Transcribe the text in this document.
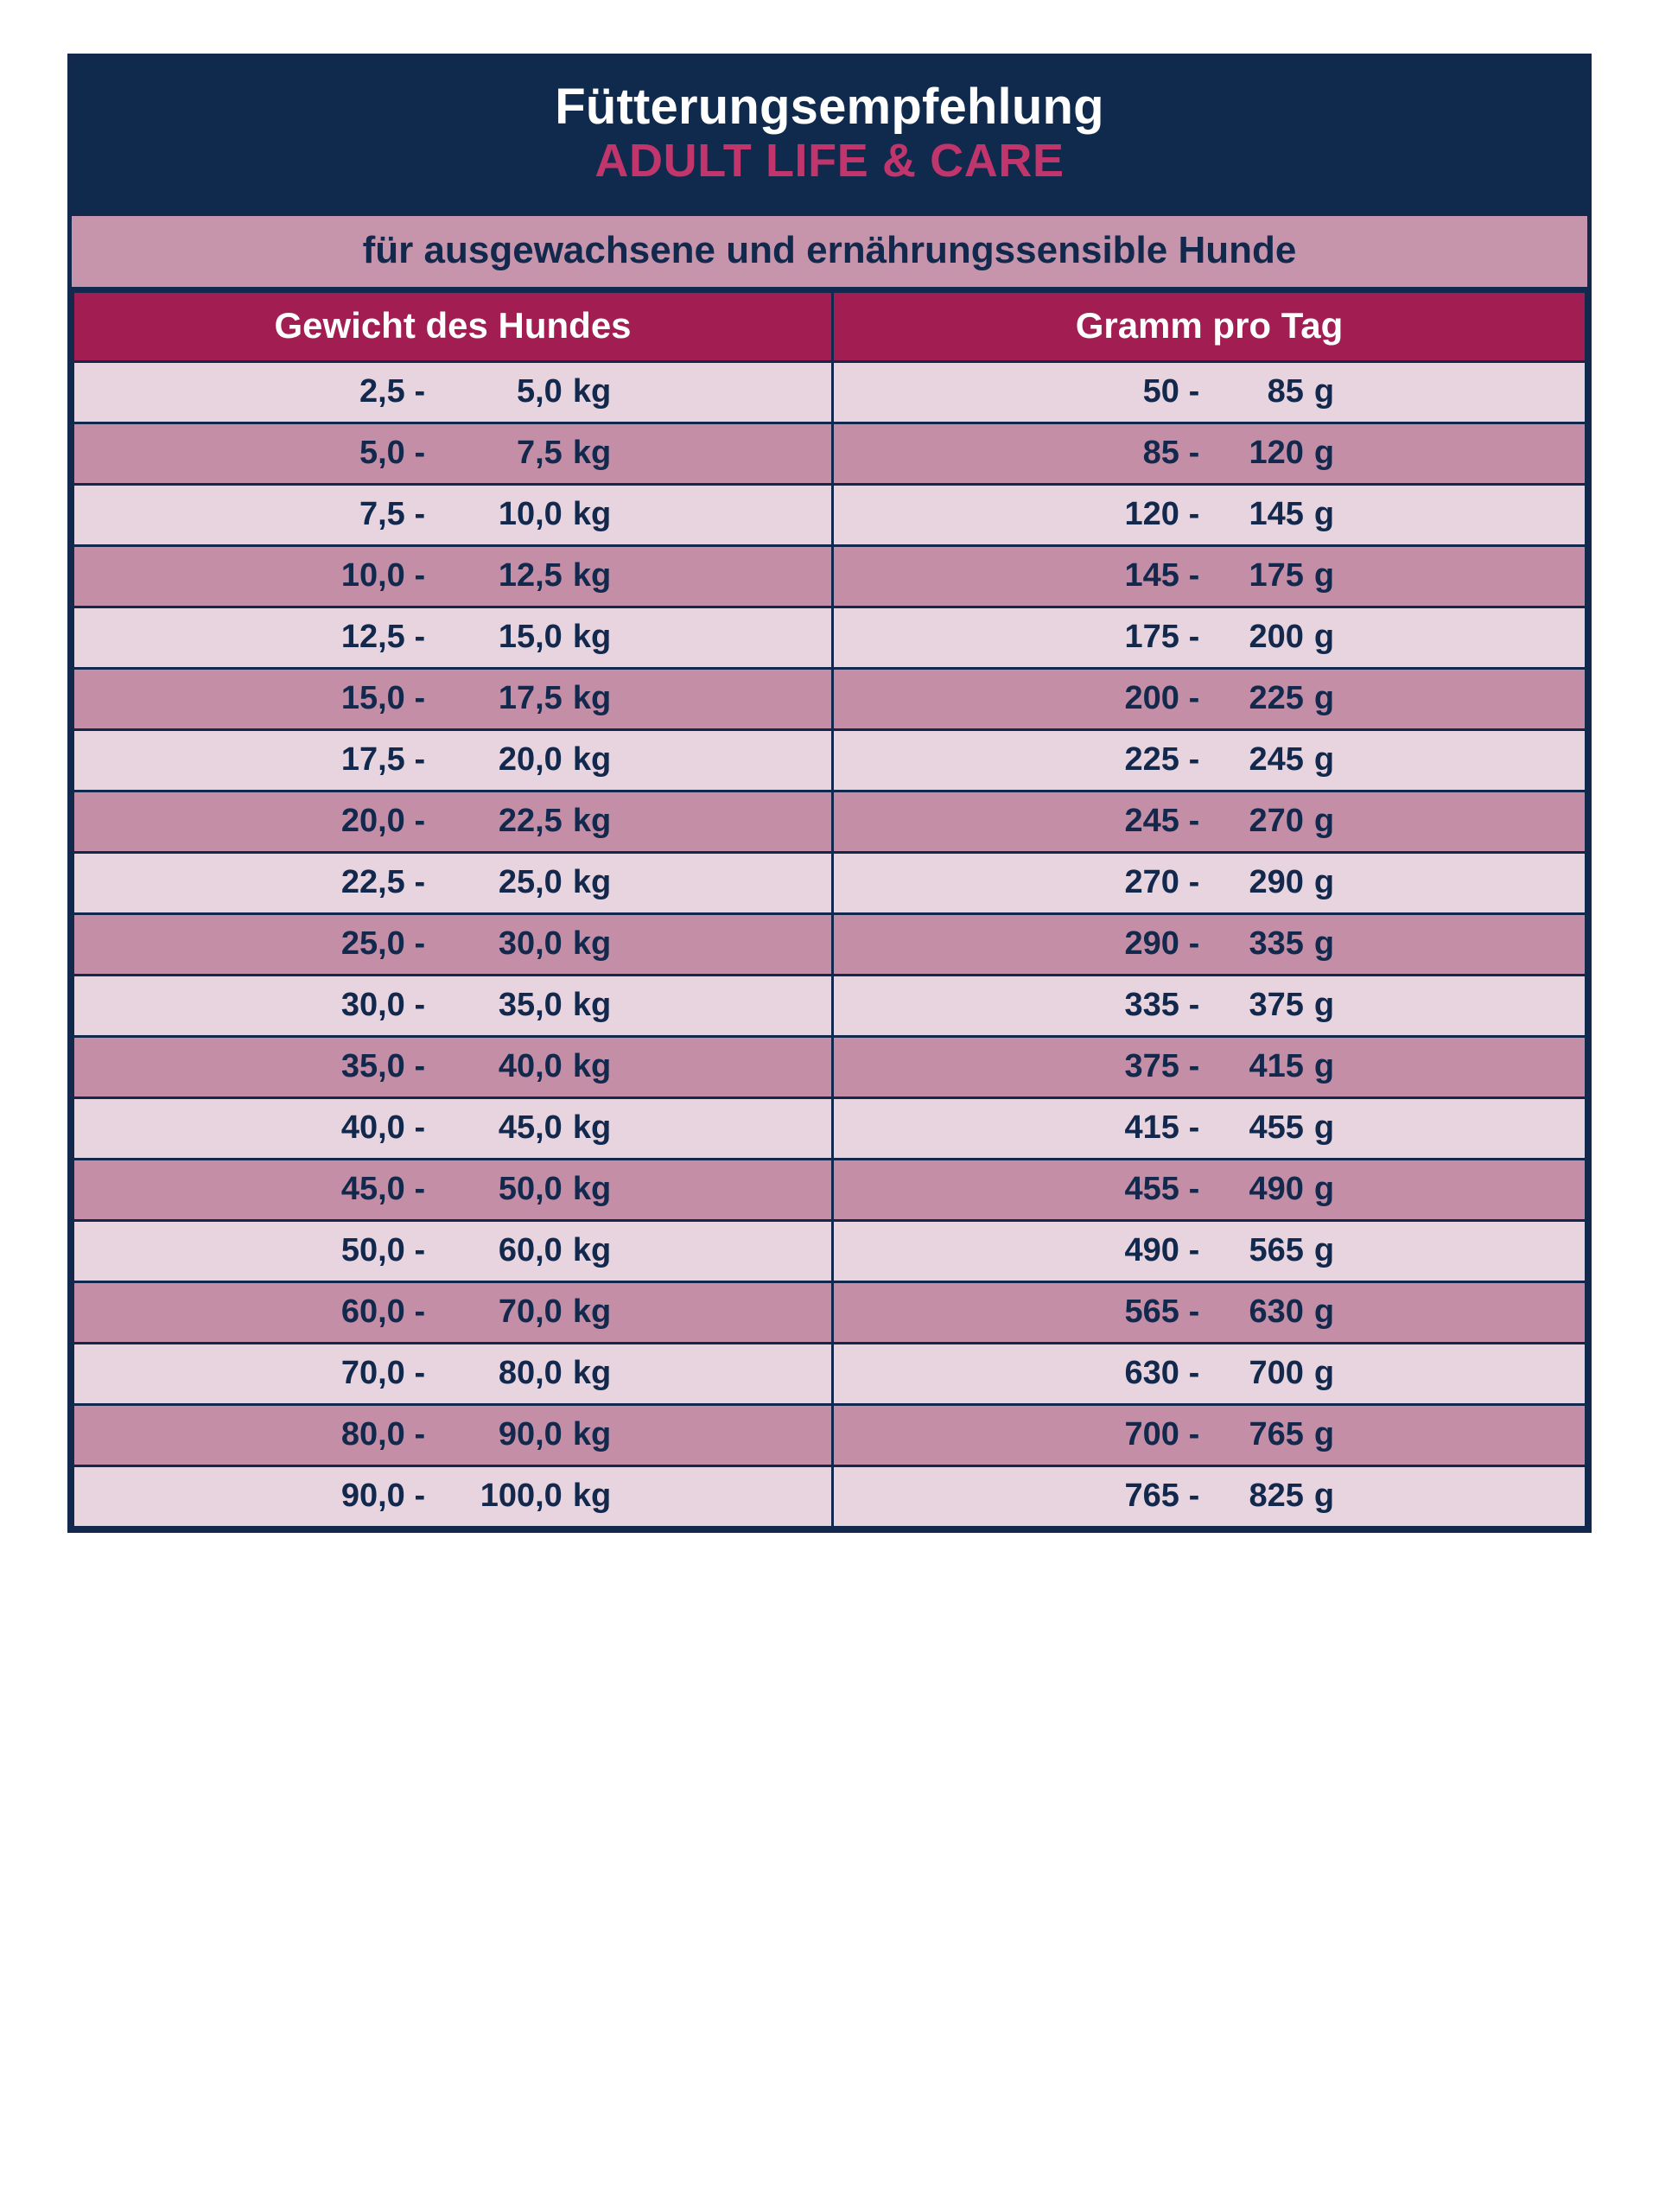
Fütterungsempfehlung
ADULT LIFE & CARE
für ausgewachsene und ernährungssensible Hunde
Gewicht des Hundes	Gramm pro Tag
2,5 - 5,0 kg	50 - 85 g
5,0 - 7,5 kg	85 - 120 g
7,5 - 10,0 kg	120 - 145 g
10,0 - 12,5 kg	145 - 175 g
12,5 - 15,0 kg	175 - 200 g
15,0 - 17,5 kg	200 - 225 g
17,5 - 20,0 kg	225 - 245 g
20,0 - 22,5 kg	245 - 270 g
22,5 - 25,0 kg	270 - 290 g
25,0 - 30,0 kg	290 - 335 g
30,0 - 35,0 kg	335 - 375 g
35,0 - 40,0 kg	375 - 415 g
40,0 - 45,0 kg	415 - 455 g
45,0 - 50,0 kg	455 - 490 g
50,0 - 60,0 kg	490 - 565 g
60,0 - 70,0 kg	565 - 630 g
70,0 - 80,0 kg	630 - 700 g
80,0 - 90,0 kg	700 - 765 g
90,0 - 100,0 kg	765 - 825 g
